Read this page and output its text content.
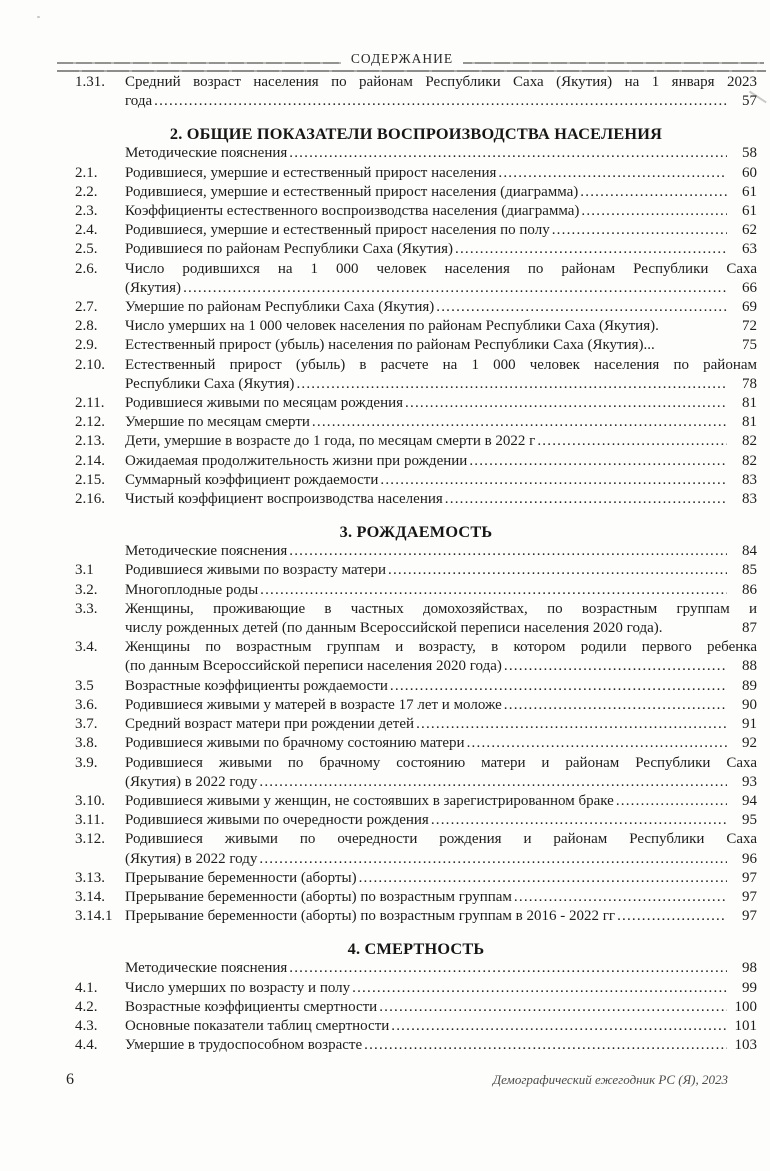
СОДЕРЖАНИЕ
1.31. Средний возраст населения по районам Республики Саха (Якутия) на 1 января 2023
года .....	57
2. ОБЩИЕ ПОКАЗАТЕЛИ ВОСПРОИЗВОДСТВА НАСЕЛЕНИЯ
Методические пояснения .....	58
2.1. Родившиеся, умершие и естественный прирост населения .....	60
2.2. Родившиеся, умершие и естественный прирост населения (диаграмма) .....	61
2.3. Коэффициенты естественного воспроизводства населения (диаграмма) .....	61
2.4. Родившиеся, умершие и естественный прирост населения по полу .....	62
2.5. Родившиеся по районам Республики Саха (Якутия) .....	63
2.6. Число родившихся на 1 000 человек населения по районам Республики Саха
(Якутия) .....	66
2.7. Умершие по районам Республики Саха (Якутия) .....	69
2.8. Число умерших на 1 000 человек населения по районам Республики Саха (Якутия).	72
2.9. Естественный прирост (убыль) населения по районам Республики Саха (Якутия)...	75
2.10. Естественный прирост (убыль) в расчете на 1 000 человек населения по районам
Республики Саха (Якутия) .....	78
2.11. Родившиеся живыми по месяцам рождения .....	81
2.12. Умершие по месяцам смерти .....	81
2.13. Дети, умершие в возрасте до 1 года, по месяцам смерти в 2022 г .....	82
2.14. Ожидаемая продолжительность жизни при рождении .....	82
2.15. Суммарный коэффициент рождаемости .....	83
2.16. Чистый коэффициент воспроизводства населения .....	83
3. РОЖДАЕМОСТЬ
Методические пояснения .....	84
3.1 Родившиеся живыми по возрасту матери .....	85
3.2. Многоплодные роды .....	86
3.3. Женщины, проживающие в частных домохозяйствах, по возрастным группам и
числу рожденных детей (по данным Всероссийской переписи населения 2020 года).	87
3.4. Женщины по возрастным группам и возрасту, в котором родили первого ребенка
(по данным Всероссийской переписи населения 2020 года) .....	88
3.5 Возрастные коэффициенты рождаемости .....	89
3.6. Родившиеся живыми у матерей в возрасте 17 лет и моложе .....	90
3.7. Средний возраст матери при рождении детей .....	91
3.8. Родившиеся живыми по брачному состоянию матери .....	92
3.9. Родившиеся живыми по брачному состоянию матери и районам Республики Саха
(Якутия) в 2022 году .....	93
3.10. Родившиеся живыми у женщин, не состоявших в зарегистрированном браке .....	94
3.11. Родившиеся живыми по очередности рождения .....	95
3.12. Родившиеся живыми по очередности рождения и районам Республики Саха
(Якутия) в 2022 году .....	96
3.13. Прерывание беременности (аборты) .....	97
3.14. Прерывание беременности (аборты) по возрастным группам .....	97
3.14.1 Прерывание беременности (аборты) по возрастным группам в 2016 - 2022 гг .....	97
4. СМЕРТНОСТЬ
Методические пояснения .....	98
4.1. Число умерших по возрасту и полу .....	99
4.2. Возрастные коэффициенты смертности .....	100
4.3. Основные показатели таблиц смертности .....	101
4.4. Умершие в трудоспособном возрасте .....	103
6	Демографический ежегодник РС (Я), 2023
